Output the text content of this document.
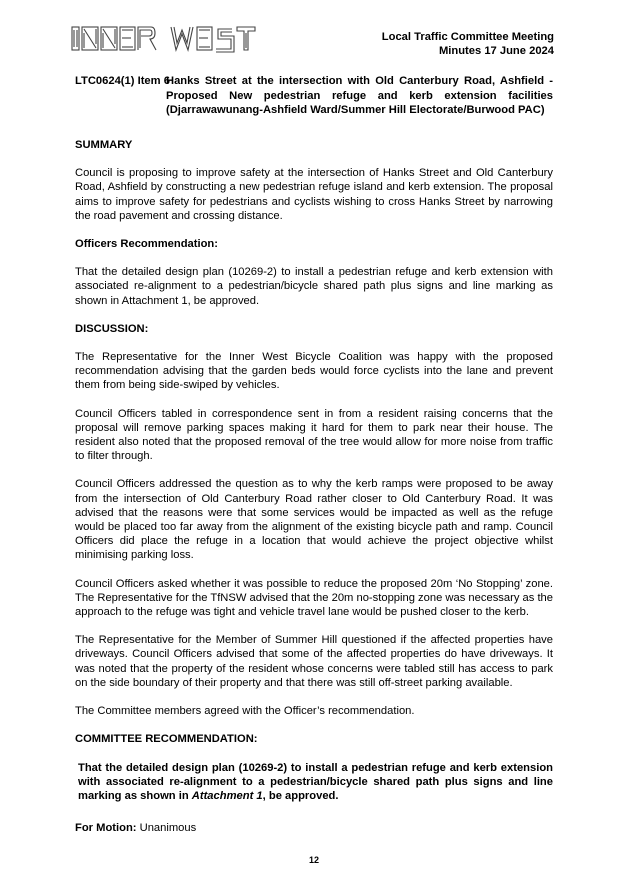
Local Traffic Committee Meeting
Minutes 17 June 2024
LTC0624(1) Item 6
Hanks Street at the intersection with Old Canterbury Road, Ashfield - Proposed New pedestrian refuge and kerb extension facilities (Djarrawawunang-Ashfield Ward/Summer Hill Electorate/Burwood PAC)
SUMMARY

Council is proposing to improve safety at the intersection of Hanks Street and Old Canterbury Road, Ashfield by constructing a new pedestrian refuge island and kerb extension. The proposal aims to improve safety for pedestrians and cyclists wishing to cross Hanks Street by narrowing the road pavement and crossing distance.

Officers Recommendation:

That the detailed design plan (10269-2) to install a pedestrian refuge and kerb extension with associated re-alignment to a pedestrian/bicycle shared path plus signs and line marking as shown in Attachment 1, be approved.

DISCUSSION:

The Representative for the Inner West Bicycle Coalition was happy with the proposed recommendation advising that the garden beds would force cyclists into the lane and prevent them from being side-swiped by vehicles.

Council Officers tabled in correspondence sent in from a resident raising concerns that the proposal will remove parking spaces making it hard for them to park near their house. The resident also noted that the proposed removal of the tree would allow for more noise from traffic to filter through.

Council Officers addressed the question as to why the kerb ramps were proposed to be away from the intersection of Old Canterbury Road rather closer to Old Canterbury Road. It was advised that the reasons were that some services would be impacted as well as the refuge would be placed too far away from the alignment of the existing bicycle path and ramp. Council Officers did place the refuge in a location that would achieve the project objective whilst minimising parking loss.

Council Officers asked whether it was possible to reduce the proposed 20m ‘No Stopping’ zone. The Representative for the TfNSW advised that the 20m no-stopping zone was necessary as the approach to the refuge was tight and vehicle travel lane would be pushed closer to the kerb.

The Representative for the Member of Summer Hill questioned if the affected properties have driveways. Council Officers advised that some of the affected properties do have driveways. It was noted that the property of the resident whose concerns were tabled still has access to park on the side boundary of their property and that there was still off-street parking available.

The Committee members agreed with the Officer’s recommendation.

COMMITTEE RECOMMENDATION:

That the detailed design plan (10269-2) to install a pedestrian refuge and kerb extension with associated re-alignment to a pedestrian/bicycle shared path plus signs and line marking as shown in Attachment 1, be approved.

For Motion: Unanimous

12
